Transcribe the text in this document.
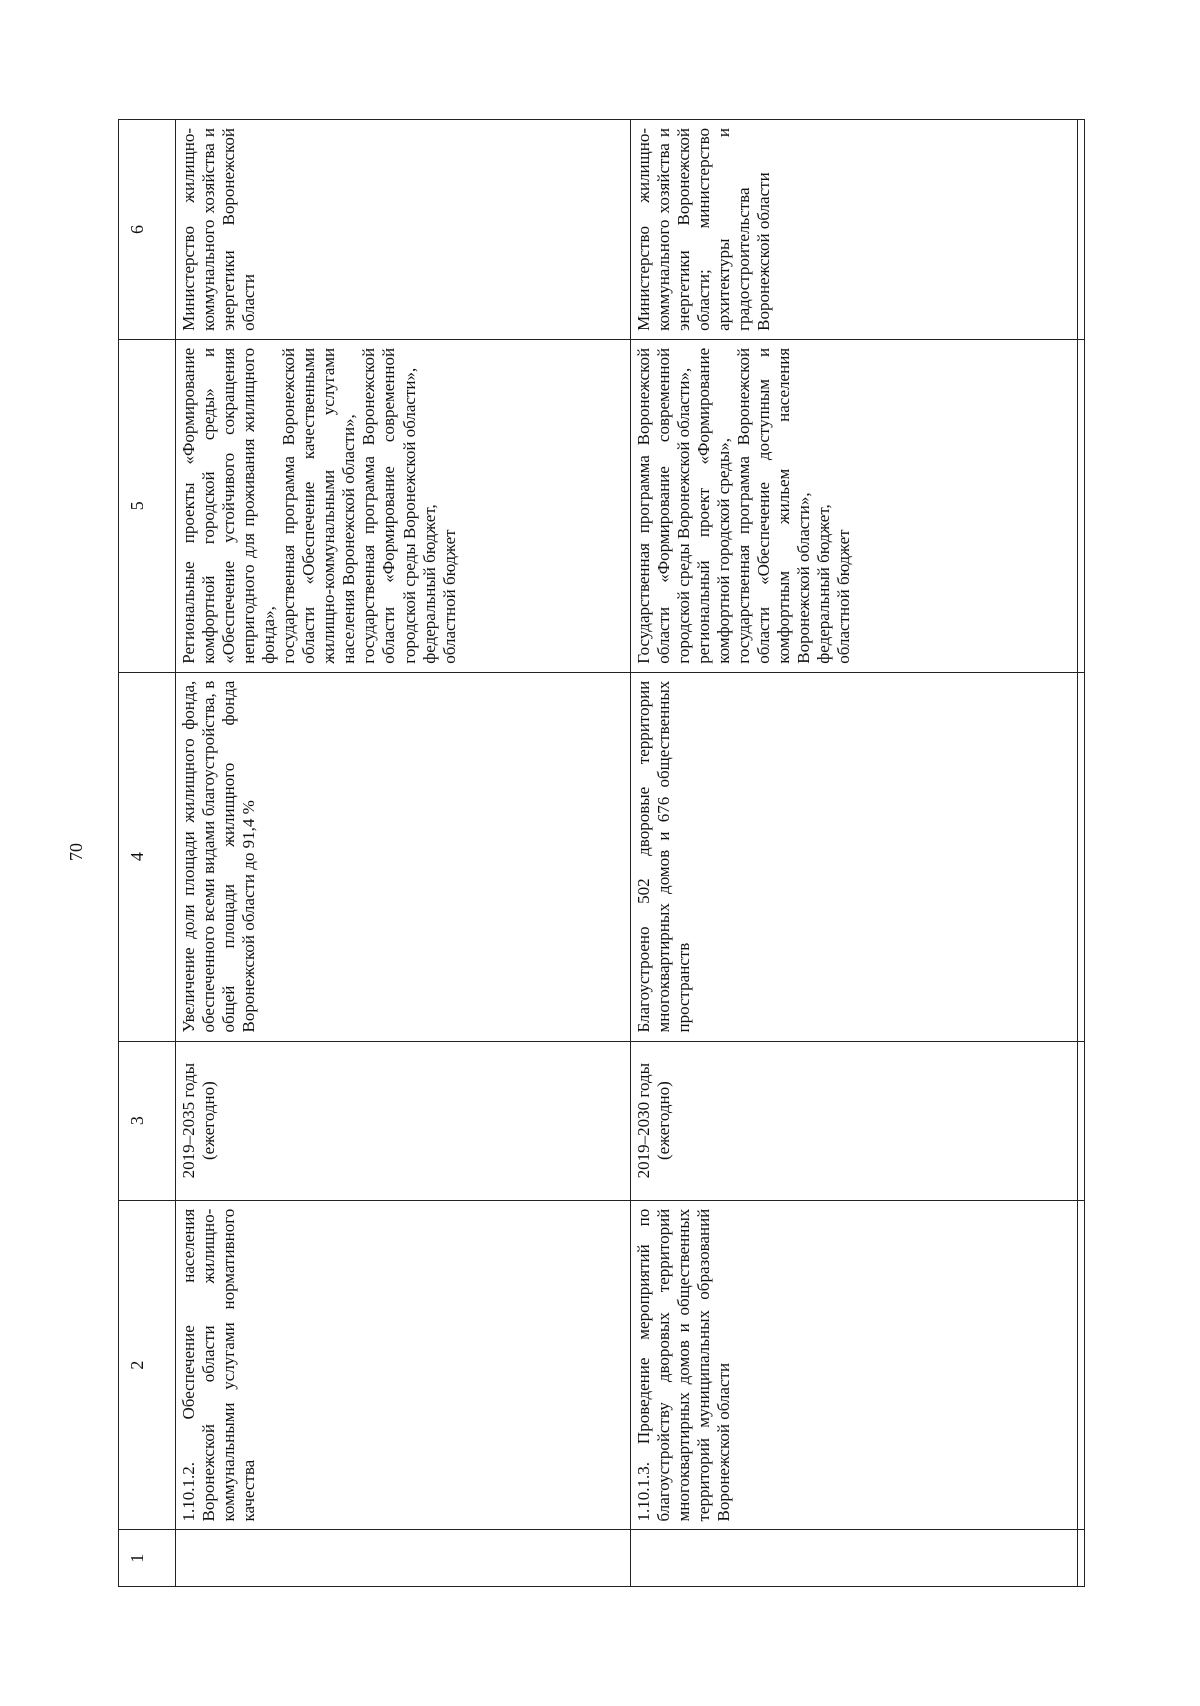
70
1	2	3	4	5	6
	1.10.1.2. Обеспечение населения Воронежской области жилищно-коммунальными услугами нормативного качества	2019–2035 годы (ежегодно)	Увеличение доли площади жилищного фонда, обеспеченного всеми видами благоустройства, в общей площади жилищного фонда Воронежской области до 91,4 %	Региональные проекты «Формирование комфортной городской среды» и «Обеспечение устойчивого сокращения непригодного для проживания жилищного фонда», государственная программа Воронежской области «Обеспечение качественными жилищно-коммунальными услугами населения Воронежской области», государственная программа Воронежской области «Формирование современной городской среды Воронежской области», федеральный бюджет, областной бюджет	Министерство жилищно-коммунального хозяйства и энергетики Воронежской области
	1.10.1.3. Проведение мероприятий по благоустройству дворовых территорий многоквартирных домов и общественных территорий муниципальных образований Воронежской области	2019–2030 годы (ежегодно)	Благоустроено 502 дворовые территории многоквартирных домов и 676 общественных пространств	Государственная программа Воронежской области «Формирование современной городской среды Воронежской области», региональный проект «Формирование комфортной городской среды», государственная программа Воронежской области «Обеспечение доступным и комфортным жильем населения Воронежской области», федеральный бюджет, областной бюджет	Министерство жилищно-коммунального хозяйства и энергетики Воронежской области; министерство архитектуры и градостроительства Воронежской области
